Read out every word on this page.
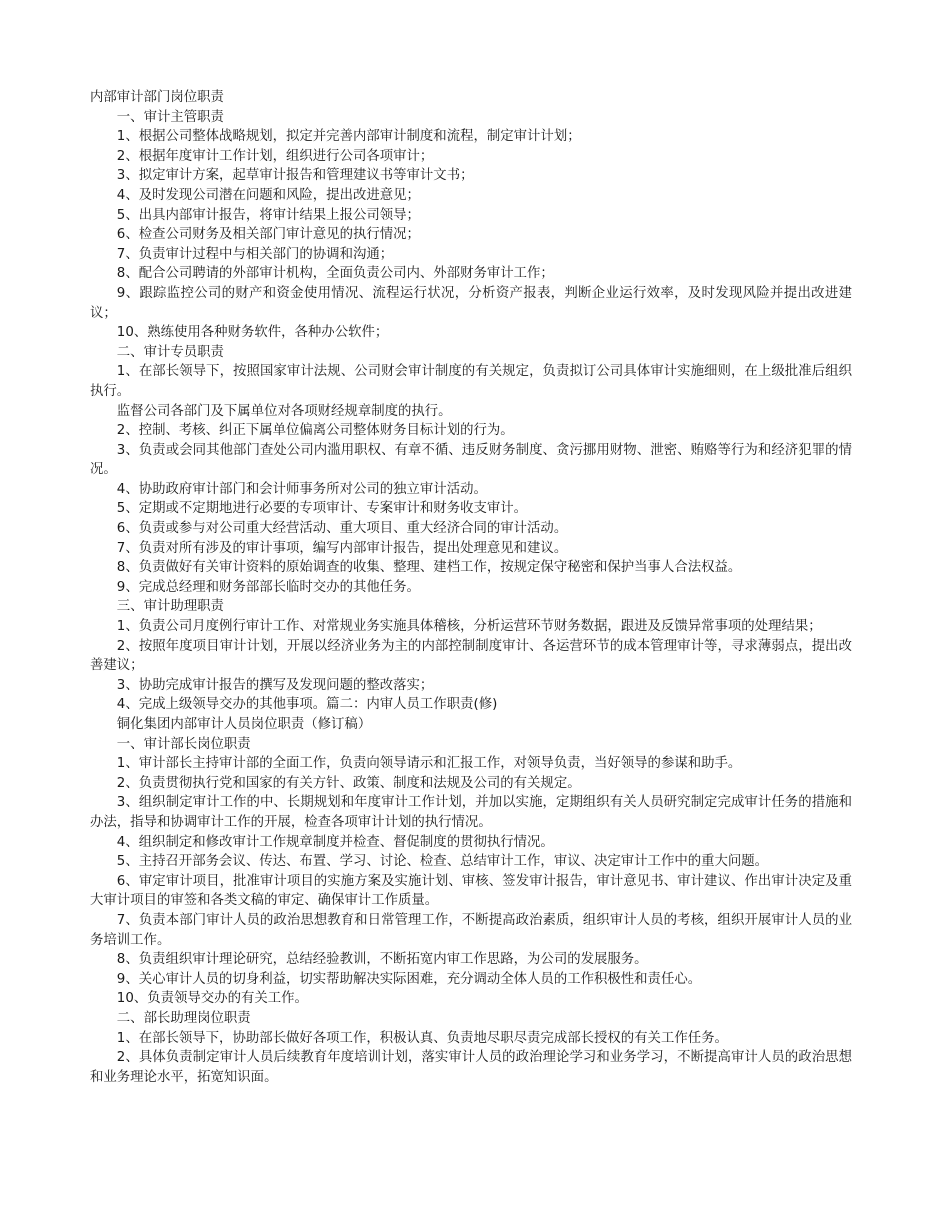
内部审计部门岗位职责

一、审计主管职责

1、根据公司整体战略规划，拟定并完善内部审计制度和流程，制定审计计划；

2、根据年度审计工作计划，组织进行公司各项审计；

3、拟定审计方案，起草审计报告和管理建议书等审计文书；

4、及时发现公司潜在问题和风险，提出改进意见；

5、出具内部审计报告，将审计结果上报公司领导；

6、检查公司财务及相关部门审计意见的执行情况；

7、负责审计过程中与相关部门的协调和沟通；

8、配合公司聘请的外部审计机构，全面负责公司内、外部财务审计工作；

9、跟踪监控公司的财产和资金使用情况、流程运行状况，分析资产报表，判断企业运行效率，及时发现风险并提出改进建议；

10、熟练使用各种财务软件，各种办公软件；

二、审计专员职责

1、在部长领导下，按照国家审计法规、公司财会审计制度的有关规定，负责拟订公司具体审计实施细则，在上级批准后组织执行。

监督公司各部门及下属单位对各项财经规章制度的执行。

2、控制、考核、纠正下属单位偏离公司整体财务目标计划的行为。

3、负责或会同其他部门查处公司内滥用职权、有章不循、违反财务制度、贪污挪用财物、泄密、贿赂等行为和经济犯罪的情况。

4、协助政府审计部门和会计师事务所对公司的独立审计活动。

5、定期或不定期地进行必要的专项审计、专案审计和财务收支审计。

6、负责或参与对公司重大经营活动、重大项目、重大经济合同的审计活动。

7、负责对所有涉及的审计事项，编写内部审计报告，提出处理意见和建议。

8、负责做好有关审计资料的原始调查的收集、整理、建档工作，按规定保守秘密和保护当事人合法权益。

9、完成总经理和财务部部长临时交办的其他任务。

三、审计助理职责

1、负责公司月度例行审计工作、对常规业务实施具体稽核，分析运营环节财务数据，跟进及反馈异常事项的处理结果；

2、按照年度项目审计计划，开展以经济业务为主的内部控制制度审计、各运营环节的成本管理审计等，寻求薄弱点，提出改善建议；

3、协助完成审计报告的撰写及发现问题的整改落实；

4、完成上级领导交办的其他事项。篇二：内审人员工作职责(修)

铜化集团内部审计人员岗位职责（修订稿）

一、审计部长岗位职责

1、审计部长主持审计部的全面工作，负责向领导请示和汇报工作，对领导负责，当好领导的参谋和助手。

2、负责贯彻执行党和国家的有关方针、政策、制度和法规及公司的有关规定。

3、组织制定审计工作的中、长期规划和年度审计工作计划，并加以实施，定期组织有关人员研究制定完成审计任务的措施和办法，指导和协调审计工作的开展，检查各项审计计划的执行情况。

4、组织制定和修改审计工作规章制度并检查、督促制度的贯彻执行情况。

5、主持召开部务会议、传达、布置、学习、讨论、检查、总结审计工作，审议、决定审计工作中的重大问题。

6、审定审计项目，批准审计项目的实施方案及实施计划、审核、签发审计报告，审计意见书、审计建议、作出审计决定及重大审计项目的审签和各类文稿的审定、确保审计工作质量。

7、负责本部门审计人员的政治思想教育和日常管理工作，不断提高政治素质，组织审计人员的考核，组织开展审计人员的业务培训工作。

8、负责组织审计理论研究，总结经验教训，不断拓宽内审工作思路，为公司的发展服务。

9、关心审计人员的切身利益，切实帮助解决实际困难，充分调动全体人员的工作积极性和责任心。

10、负责领导交办的有关工作。

二、部长助理岗位职责

1、在部长领导下，协助部长做好各项工作，积极认真、负责地尽职尽责完成部长授权的有关工作任务。

2、具体负责制定审计人员后续教育年度培训计划，落实审计人员的政治理论学习和业务学习，不断提高审计人员的政治思想和业务理论水平，拓宽知识面。
